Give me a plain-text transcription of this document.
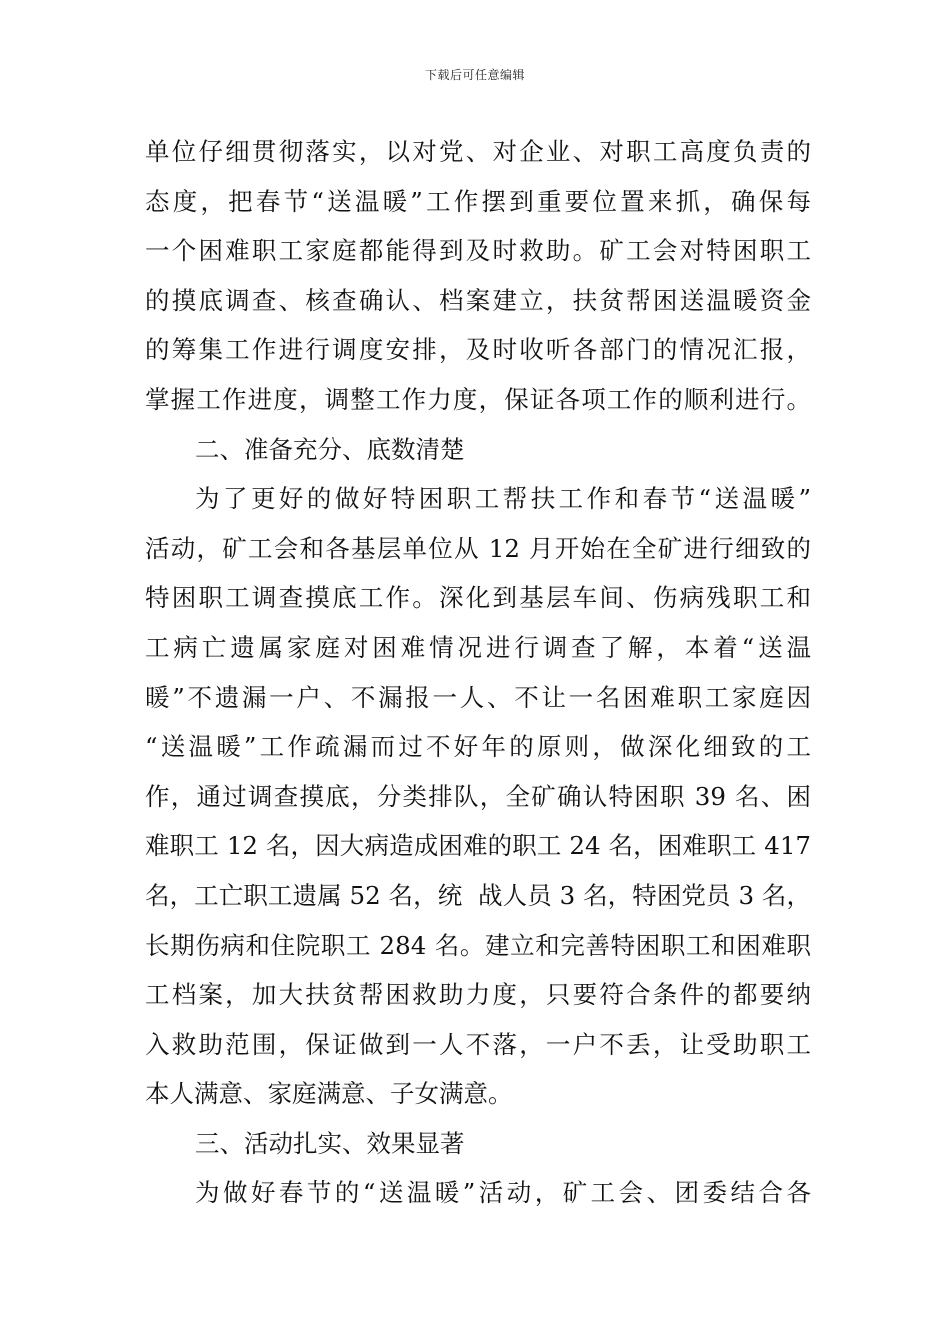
下载后可任意编辑
单位仔细贯彻落实，以对党、对企业、对职工高度负责的
态度，把春节“送温暖”工作摆到重要位置来抓，确保每
一个困难职工家庭都能得到及时救助。矿工会对特困职工
的摸底调查、核查确认、档案建立，扶贫帮困送温暖资金
的筹集工作进行调度安排，及时收听各部门的情况汇报，
掌握工作进度，调整工作力度，保证各项工作的顺利进行。
二、准备充分、底数清楚
为了更好的做好特困职工帮扶工作和春节“送温暖”
活动，矿工会和各基层单位从 12 月开始在全矿进行细致的
特困职工调查摸底工作。深化到基层车间、伤病残职工和
工病亡遗属家庭对困难情况进行调查了解，本着“送温
暖”不遗漏一户、不漏报一人、不让一名困难职工家庭因
“送温暖”工作疏漏而过不好年的原则，做深化细致的工
作，通过调查摸底，分类排队，全矿确认特困职 39 名、困
难职工 12 名，因大病造成困难的职工 24 名，困难职工 417
名，工亡职工遗属 52 名，统  战人员 3 名，特困党员 3 名，
长期伤病和住院职工 284 名。建立和完善特困职工和困难职
工档案，加大扶贫帮困救助力度，只要符合条件的都要纳
入救助范围，保证做到一人不落，一户不丢，让受助职工
本人满意、家庭满意、子女满意。
三、活动扎实、效果显著
为做好春节的“送温暖”活动，矿工会、团委结合各
